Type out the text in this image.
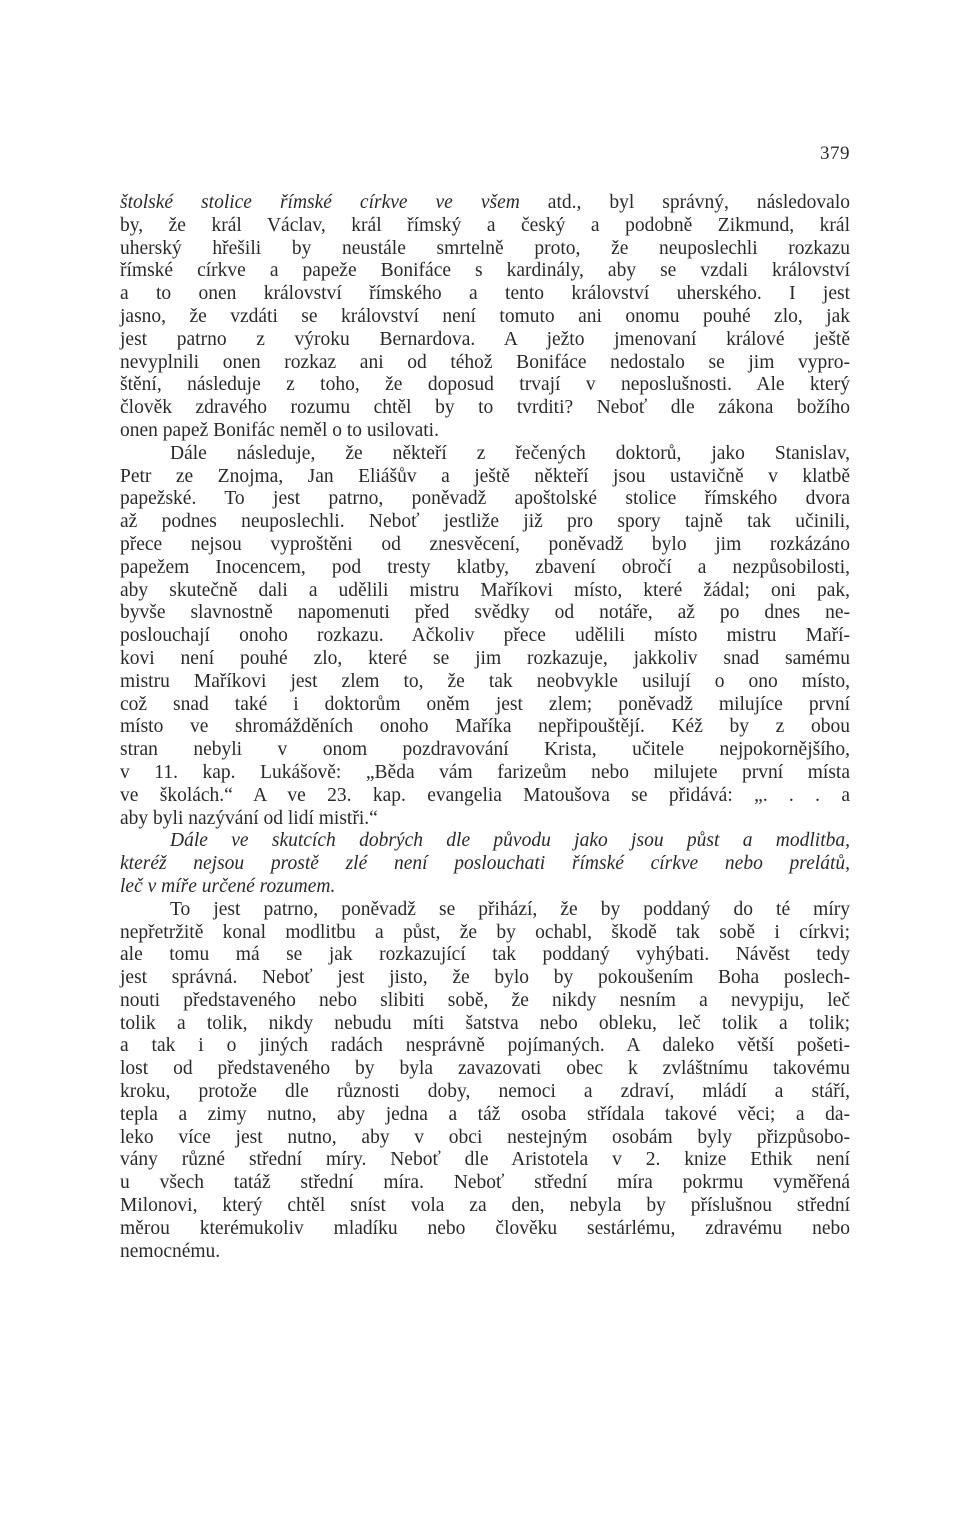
379
štolské stolice římské církve ve všem atd., byl správný, následovalo
by, že král Václav, král římský a český a podobně Zikmund, král
uherský hřešili by neustále smrtelně proto, že neuposlechli rozkazu
římské církve a papeže Bonifáce s kardinály, aby se vzdali království
a to onen království římského a tento království uherského. I jest
jasno, že vzdáti se království není tomuto ani onomu pouhé zlo, jak
jest patrno z výroku Bernardova. A ježto jmenovaní králové ještě
nevyplnili onen rozkaz ani od téhož Bonifáce nedostalo se jim vypro-
štění, následuje z toho, že doposud trvají v neposlušnosti. Ale který
člověk zdravého rozumu chtěl by to tvrditi? Neboť dle zákona božího
onen papež Bonifác neměl o to usilovati.
Dále následuje, že někteří z řečených doktorů, jako Stanislav,
Petr ze Znojma, Jan Eliášův a ještě někteří jsou ustavičně v klatbě
papežské. To jest patrno, poněvadž apoštolské stolice římského dvora
až podnes neuposlechli. Neboť jestliže již pro spory tajně tak učinili,
přece nejsou vyproštěni od znesvěcení, poněvadž bylo jim rozkázáno
papežem Inocencem, pod tresty klatby, zbavení obročí a nezpůsobilosti,
aby skutečně dali a udělili mistru Maříkovi místo, které žádal; oni pak,
byvše slavnostně napomenuti před svědky od notáře, až po dnes ne-
poslouchají onoho rozkazu. Ačkoliv přece udělili místo mistru Maří-
kovi není pouhé zlo, které se jim rozkazuje, jakkoliv snad samému
mistru Maříkovi jest zlem to, že tak neobvykle usilují o ono místo,
což snad také i doktorům oněm jest zlem; poněvadž milujíce první
místo ve shromážděních onoho Maříka nepřipouštějí. Kéž by z obou
stran nebyli v onom pozdravování Krista, učitele nejpokornějšího,
v 11. kap. Lukášově: „Běda vám farizeům nebo milujete první místa
ve školách.“ A ve 23. kap. evangelia Matoušova se přidává: „. . . a
aby byli nazývání od lidí mistři.“
Dále ve skutcích dobrých dle původu jako jsou půst a modlitba,
kteréž nejsou prostě zlé není poslouchati římské církve nebo prelátů,
leč v míře určené rozumem.
To jest patrno, poněvadž se přihází, že by poddaný do té míry
nepřetržitě konal modlitbu a půst, že by ochabl, škodě tak sobě i církvi;
ale tomu má se jak rozkazující tak poddaný vyhýbati. Návěst tedy
jest správná. Neboť jest jisto, že bylo by pokoušením Boha poslech-
nouti představeného nebo slibiti sobě, že nikdy nesním a nevypiju, leč
tolik a tolik, nikdy nebudu míti šatstva nebo obleku, leč tolik a tolik;
a tak i o jiných radách nesprávně pojímaných. A daleko větší pošeti-
lost od představeného by byla zavazovati obec k zvláštnímu takovému
kroku, protože dle různosti doby, nemoci a zdraví, mládí a stáří,
tepla a zimy nutno, aby jedna a táž osoba střídala takové věci; a da-
leko více jest nutno, aby v obci nestejným osobám byly přizpůsobo-
vány různé střední míry. Neboť dle Aristotela v 2. knize Ethik není
u všech tatáž střední míra. Neboť střední míra pokrmu vyměřená
Milonovi, který chtěl sníst vola za den, nebyla by příslušnou střední
měrou kterémukoliv mladíku nebo člověku sestárlému, zdravému nebo
nemocnému.
